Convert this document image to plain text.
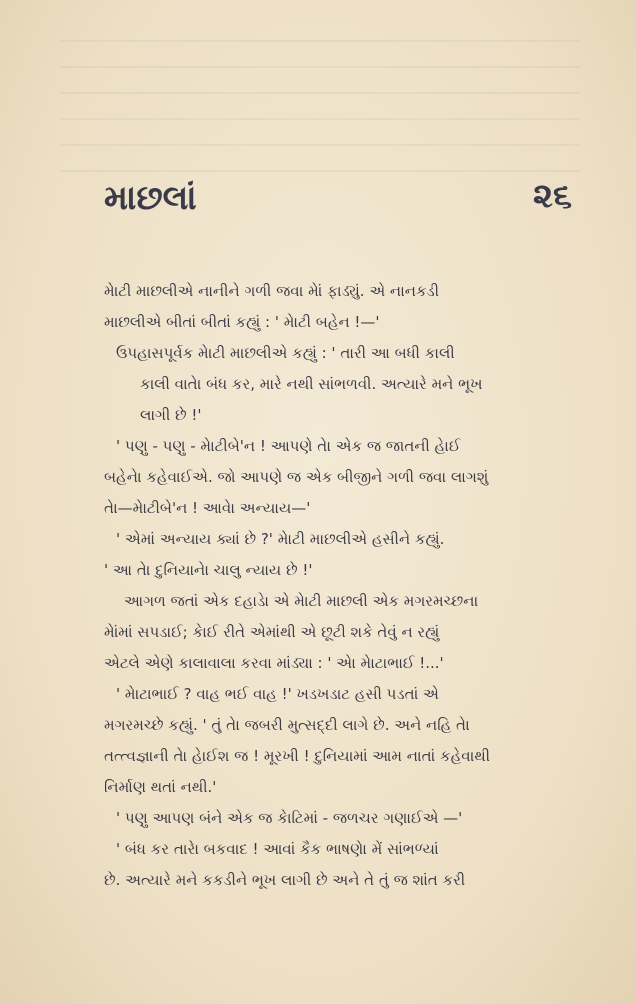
માછલાં	૨૬

મેાટી માછલીએ નાનીને ગળી જવા મેાં ફાડ્યું. એ નાનકડી
માછલીએ બીતાં બીતાં કહ્યું : ' મેાટી બહેન !—'

ઉપહાસપૂર્વક મેાટી માછલીએ કહ્યું : ' તારી આ બધી કાલી
કાલી વાતેા બંધ કર, મારે નથી સાંભળવી. અત્યારે મને ભૂખ
લાગી છે !'

' પણુ - પણુ - મેાટીબે'ન ! આપણે તેા એક જ જાતની હેાઈ
બહેનેા કહેવાઈએ. જો આપણે જ એક બીજીને ગળી જવા લાગશું
તેા—મેાટીબે'ન ! આવેા અન્યાય—'

' એમાં અન્યાય ક્યાં છે ?' મેાટી માછલીએ હસીને કહ્યું.
' આ તેા દુનિયાનેા ચાલુ ન્યાય છે !'

આગળ જતાં એક દહાડેા એ મેાટી માછલી એક મગરમચ્છના
મેાંમાં સપડાઈ; કેાઈ રીતે એમાંથી એ છૂટી શકે તેવું ન રહ્યું
એટલે એણે કાલાવાલા કરવા માંડ્યા : ' એા મેાટાભાઈ !...'

' મેાટાભાઈ ? વાહ ભઈ વાહ !' ખડખડાટ હસી પડતાં એ
મગરમચ્છે કહ્યું. ' તું તેા જબરી મુત્સદ્દી લાગે છે. અને નહિ તેા
તત્ત્વજ્ઞાની તેા હેાઈશ જ ! મૂરખી ! દુનિયામાં આમ નાતાં કહેવાથી
નિર્માણ થતાં નથી.'

' પણુ આપણ બંને એક જ કેાટિમાં - જળચર ગણાઈએ —'

' બંધ કર તારેા બકવાદ ! આવાં કૈક ભાષણેા મેં સાંભળ્યાં
છે. અત્યારે મને કકડીને ભૂખ લાગી છે અને તે તું જ શાંત કરી
